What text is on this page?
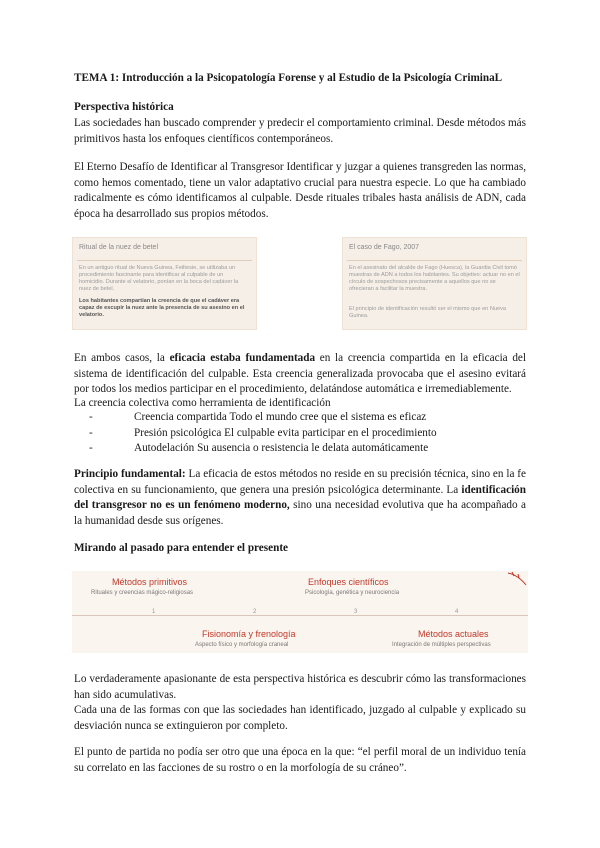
TEMA 1: Introducción a la Psicopatología Forense y al Estudio de la Psicología CriminaL
Perspectiva histórica
Las sociedades han buscado comprender y predecir el comportamiento criminal. Desde métodos más primitivos hasta los enfoques científicos contemporáneos.
El Eterno Desafío de Identificar al Transgresor Identificar y juzgar a quienes transgreden las normas, como hemos comentado, tiene un valor adaptativo crucial para nuestra especie. Lo que ha cambiado radicalmente es cómo identificamos al culpable. Desde rituales tribales hasta análisis de ADN, cada época ha desarrollado sus propios métodos.
Ritual de la nuez de betel
En un antiguo ritual de Nueva Guinea, Feiltesie, se utilizaba un procedimiento fascinante para identificar al culpable de un homicidio. Durante el velatorio, ponían en la boca del cadáver la nuez de betel.
Los habitantes compartían la creencia de que el cadáver era capaz de escupir la nuez ante la presencia de su asesino en el velatorio.
El caso de Fago, 2007
En el asesinato del alcalde de Fago (Huesca), la Guardia Civil tomó muestras de ADN a todos los habitantes. Su objetivo: actuar no en el círculo de sospechosos precisamente a aquellos que no se ofrecieran a facilitar la muestra.
El principio de identificación resultó ser el mismo que en Nueva Guinea.
En ambos casos, la eficacia estaba fundamentada en la creencia compartida en la eficacia del sistema de identificación del culpable. Esta creencia generalizada provocaba que el asesino evitará por todos los medios participar en el procedimiento, delatándose automática e irremediablemente.
La creencia colectiva como herramienta de identificación
-	Creencia compartida Todo el mundo cree que el sistema es eficaz
-	Presión psicológica El culpable evita participar en el procedimiento
-	Autodelación Su ausencia o resistencia le delata automáticamente
Principio fundamental: La eficacia de estos métodos no reside en su precisión técnica, sino en la fe colectiva en su funcionamiento, que genera una presión psicológica determinante. La identificación del transgresor no es un fenómeno moderno, sino una necesidad evolutiva que ha acompañado a la humanidad desde sus orígenes.
Mirando al pasado para entender el presente
1	2	3	4
Métodos primitivos
Rituales y creencias mágico-religiosas
Enfoques científicos
Psicología, genética y neurociencia
Fisionomía y frenología
Aspecto físico y morfología craneal
Métodos actuales
Integración de múltiples perspectivas
Lo verdaderamente apasionante de esta perspectiva histórica es descubrir cómo las transformaciones han sido acumulativas.
Cada una de las formas con que las sociedades han identificado, juzgado al culpable y explicado su desviación nunca se extinguieron por completo.
El punto de partida no podía ser otro que una época en la que: “el perfil moral de un individuo tenía su correlato en las facciones de su rostro o en la morfología de su cráneo”.
